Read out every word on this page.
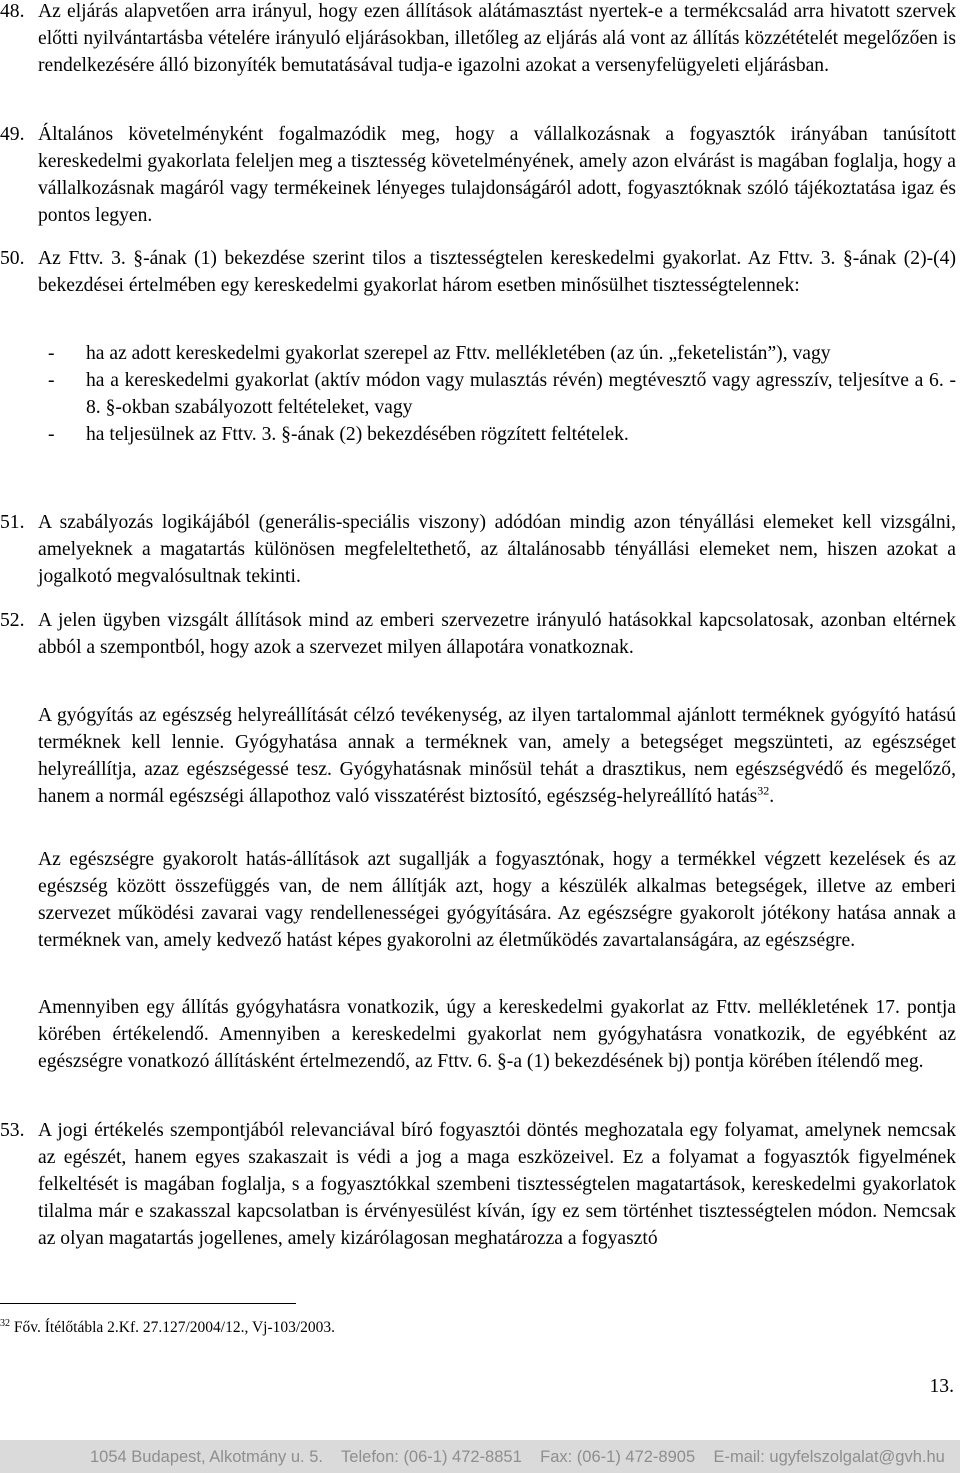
48. Az eljárás alapvetően arra irányul, hogy ezen állítások alátámasztást nyertek-e a termékcsalád arra hivatott szervek előtti nyilvántartásba vételére irányuló eljárásokban, illetőleg az eljárás alá vont az állítás közzétételét megelőzően is rendelkezésére álló bizonyíték bemutatásával tudja-e igazolni azokat a versenyfelügyeleti eljárásban.
49. Általános követelményként fogalmazódik meg, hogy a vállalkozásnak a fogyasztók irányában tanúsított kereskedelmi gyakorlata feleljen meg a tisztesség követelményének, amely azon elvárást is magában foglalja, hogy a vállalkozásnak magáról vagy termékeinek lényeges tulajdonságáról adott, fogyasztóknak szóló tájékoztatása igaz és pontos legyen.
50. Az Fttv. 3. §-ának (1) bekezdése szerint tilos a tisztességtelen kereskedelmi gyakorlat. Az Fttv. 3. §-ának (2)-(4) bekezdései értelmében egy kereskedelmi gyakorlat három esetben minősülhet tisztességtelennek:
- ha az adott kereskedelmi gyakorlat szerepel az Fttv. mellékletében (az ún. „feketelistán”), vagy
- ha a kereskedelmi gyakorlat (aktív módon vagy mulasztás révén) megtévesztő vagy agresszív, teljesítve a 6. - 8. §-okban szabályozott feltételeket, vagy
- ha teljesülnek az Fttv. 3. §-ának (2) bekezdésében rögzített feltételek.
51. A szabályozás logikájából (generális-speciális viszony) adódóan mindig azon tényállási elemeket kell vizsgálni, amelyeknek a magatartás különösen megfeleltethető, az általánosabb tényállási elemeket nem, hiszen azokat a jogalkotó megvalósultnak tekinti.
52. A jelen ügyben vizsgált állítások mind az emberi szervezetre irányuló hatásokkal kapcsolatosak, azonban eltérnek abból a szempontból, hogy azok a szervezet milyen állapotára vonatkoznak.
A gyógyítás az egészség helyreállítását célzó tevékenység, az ilyen tartalommal ajánlott terméknek gyógyító hatású terméknek kell lennie. Gyógyhatása annak a terméknek van, amely a betegséget megszünteti, az egészséget helyreállítja, azaz egészségessé tesz. Gyógyhatásnak minősül tehát a drasztikus, nem egészségvédő és megelőző, hanem a normál egészségi állapothoz való visszatérést biztosító, egészség-helyreállító hatás$^{32}$.
Az egészségre gyakorolt hatás-állítások azt sugallják a fogyasztónak, hogy a termékkel végzett kezelések és az egészség között összefüggés van, de nem állítják azt, hogy a készülék alkalmas betegségek, illetve az emberi szervezet működési zavarai vagy rendellenességei gyógyítására. Az egészségre gyakorolt jótékony hatása annak a terméknek van, amely kedvező hatást képes gyakorolni az életműködés zavartalanságára, az egészségre.
Amennyiben egy állítás gyógyhatásra vonatkozik, úgy a kereskedelmi gyakorlat az Fttv. mellékletének 17. pontja körében értékelendő. Amennyiben a kereskedelmi gyakorlat nem gyógyhatásra vonatkozik, de egyébként az egészségre vonatkozó állításként értelmezendő, az Fttv. 6. §-a (1) bekezdésének bj) pontja körében ítélendő meg.
53. A jogi értékelés szempontjából relevanciával bíró fogyasztói döntés meghozatala egy folyamat, amelynek nemcsak az egészét, hanem egyes szakaszait is védi a jog a maga eszközeivel. Ez a folyamat a fogyasztók figyelmének felkeltését is magában foglalja, s a fogyasztókkal szembeni tisztességtelen magatartások, kereskedelmi gyakorlatok tilalma már e szakasszal kapcsolatban is érvényesülést kíván, így ez sem történhet tisztességtelen módon. Nemcsak az olyan magatartás jogellenes, amely kizárólagosan meghatározza a fogyasztó
$^{32}$ Főv. Ítélőtábla 2.Kf. 27.127/2004/12., Vj-103/2003.
13.
1054 Budapest, Alkotmány u. 5. Telefon: (06-1) 472-8851 Fax: (06-1) 472-8905 E-mail: ugyfelszolgalat@gvh.hu
